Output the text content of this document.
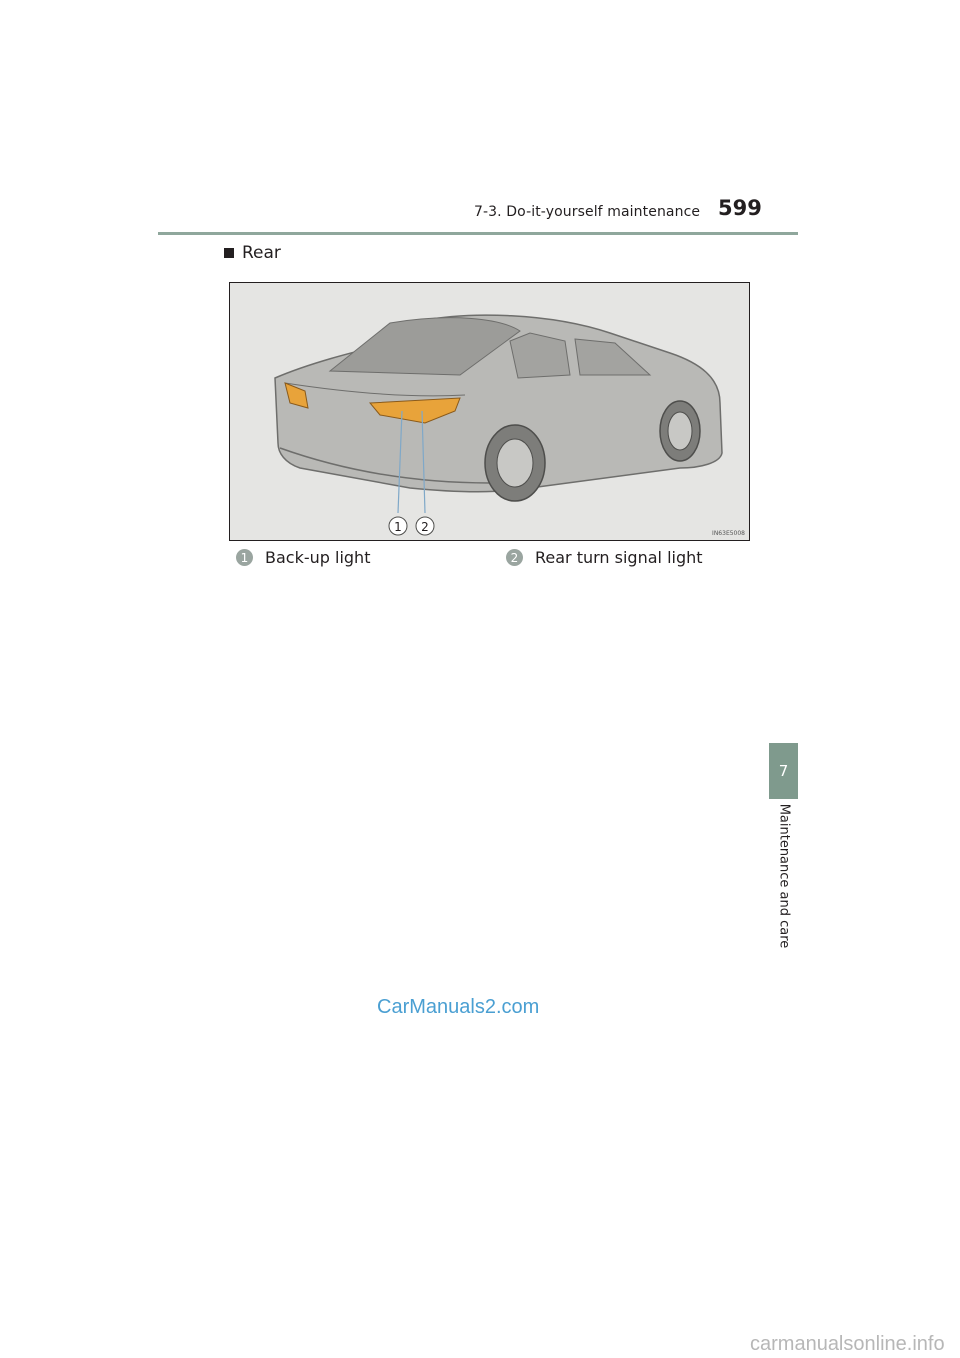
7-3. Do-it-yourself maintenance 599
7
Maintenance and care
Rear
1 2	IN63E5008
1 Back-up light	2 Rear turn signal light
CarManuals2.com
carmanualsonline.info
